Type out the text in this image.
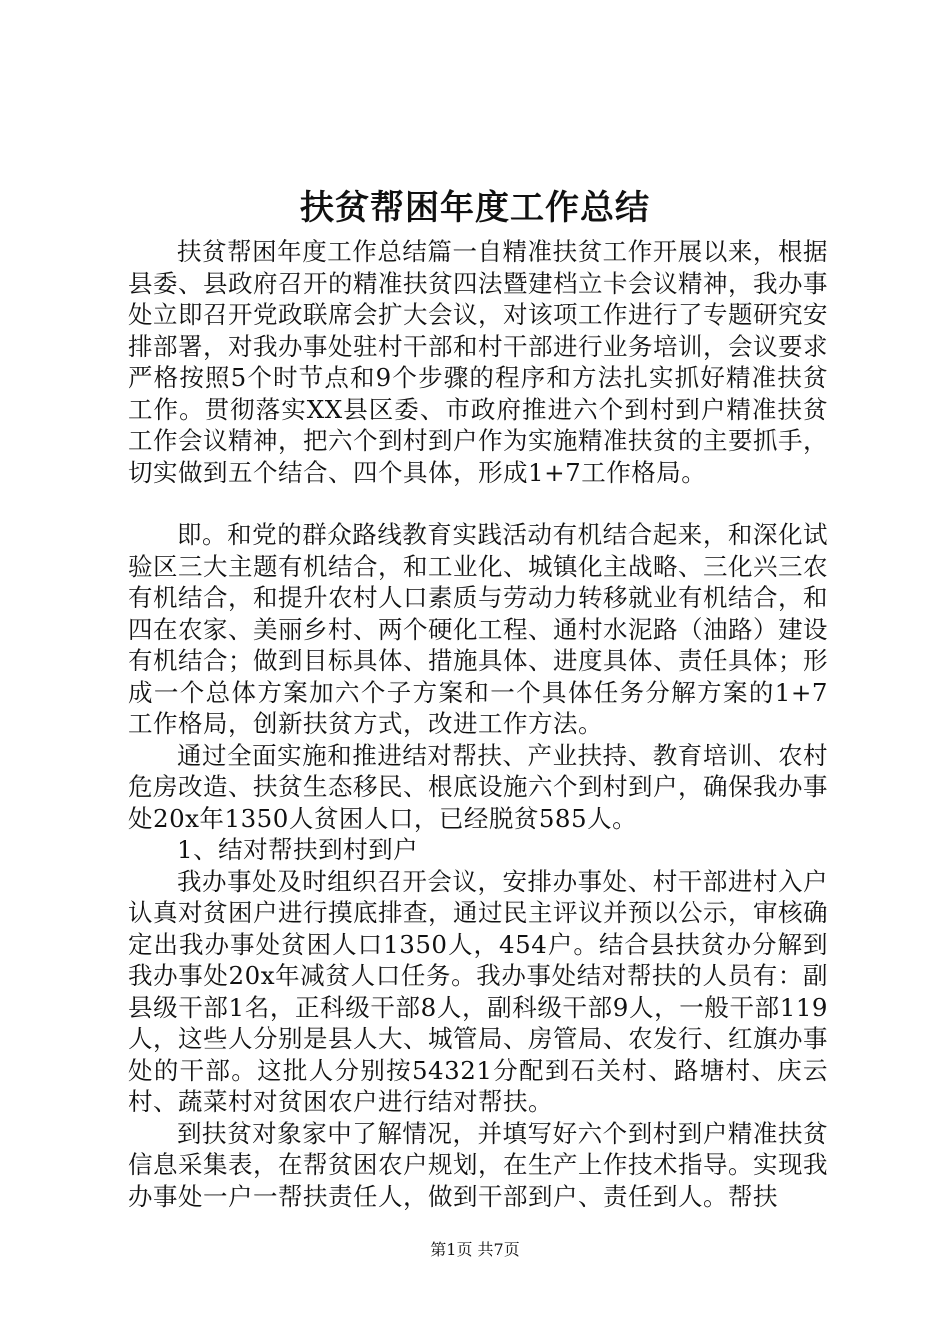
扶贫帮困年度工作总结

扶贫帮困年度工作总结篇一自精准扶贫工作开展以来，根据县委、县政府召开的精准扶贫四法暨建档立卡会议精神，我办事处立即召开党政联席会扩大会议，对该项工作进行了专题研究安排部署，对我办事处驻村干部和村干部进行业务培训，会议要求严格按照5个时节点和9个步骤的程序和方法扎实抓好精准扶贫工作。贯彻落实XX县区委、市政府推进六个到村到户精准扶贫工作会议精神，把六个到村到户作为实施精准扶贫的主要抓手，切实做到五个结合、四个具体，形成1+7工作格局。

即。和党的群众路线教育实践活动有机结合起来，和深化试验区三大主题有机结合，和工业化、城镇化主战略、三化兴三农有机结合，和提升农村人口素质与劳动力转移就业有机结合，和四在农家、美丽乡村、两个硬化工程、通村水泥路（油路）建设有机结合；做到目标具体、措施具体、进度具体、责任具体；形成一个总体方案加六个子方案和一个具体任务分解方案的1+7工作格局，创新扶贫方式，改进工作方法。

通过全面实施和推进结对帮扶、产业扶持、教育培训、农村危房改造、扶贫生态移民、根底设施六个到村到户，确保我办事处20x年1350人贫困人口，已经脱贫585人。

1、结对帮扶到村到户

我办事处及时组织召开会议，安排办事处、村干部进村入户认真对贫困户进行摸底排查，通过民主评议并预以公示，审核确定出我办事处贫困人口1350人，454户。结合县扶贫办分解到我办事处20x年减贫人口任务。我办事处结对帮扶的人员有：副县级干部1名，正科级干部8人，副科级干部9人，一般干部119人，这些人分别是县人大、城管局、房管局、农发行、红旗办事处的干部。这批人分别按54321分配到石关村、路塘村、庆云村、蔬菜村对贫困农户进行结对帮扶。

到扶贫对象家中了解情况，并填写好六个到村到户精准扶贫信息采集表，在帮贫困农户规划，在生产上作技术指导。实现我办事处一户一帮扶责任人，做到干部到户、责任到人。帮扶

第1页 共7页
